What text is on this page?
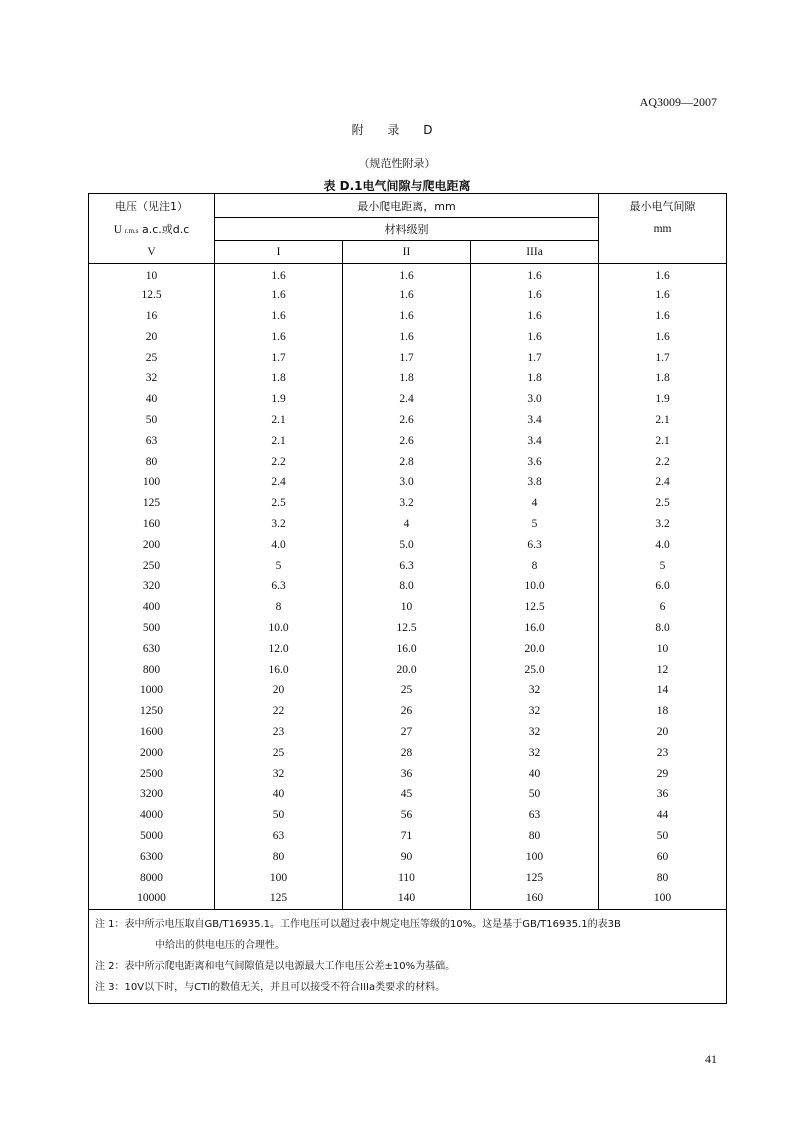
AQ3009—2007
附 录 D
（规范性附录）
表 D.1电气间隙与爬电距离
电压（见注1）	最小爬电距离，mm			最小电气间隙
U r.m.s a.c.或d.c	材料级别			mm
V	I	II	IIIa	
10	1.6	1.6	1.6	1.6
12.5	1.6	1.6	1.6	1.6
16	1.6	1.6	1.6	1.6
20	1.6	1.6	1.6	1.6
25	1.7	1.7	1.7	1.7
32	1.8	1.8	1.8	1.8
40	1.9	2.4	3.0	1.9
50	2.1	2.6	3.4	2.1
63	2.1	2.6	3.4	2.1
80	2.2	2.8	3.6	2.2
100	2.4	3.0	3.8	2.4
125	2.5	3.2	4	2.5
160	3.2	4	5	3.2
200	4.0	5.0	6.3	4.0
250	5	6.3	8	5
320	6.3	8.0	10.0	6.0
400	8	10	12.5	6
500	10.0	12.5	16.0	8.0
630	12.0	16.0	20.0	10
800	16.0	20.0	25.0	12
1000	20	25	32	14
1250	22	26	32	18
1600	23	27	32	20
2000	25	28	32	23
2500	32	36	40	29
3200	40	45	50	36
4000	50	56	63	44
5000	63	71	80	50
6300	80	90	100	60
8000	100	110	125	80
10000	125	140	160	100

注 1：表中所示电压取自GB/T16935.1。工作电压可以超过表中规定电压等级的10%。这是基于GB/T16935.1的表3B
中给出的供电电压的合理性。
注 2：表中所示爬电距离和电气间隙值是以电源最大工作电压公差±10%为基础。
注 3：10V以下时，与CTI的数值无关，并且可以接受不符合IIIa类要求的材料。				
41
